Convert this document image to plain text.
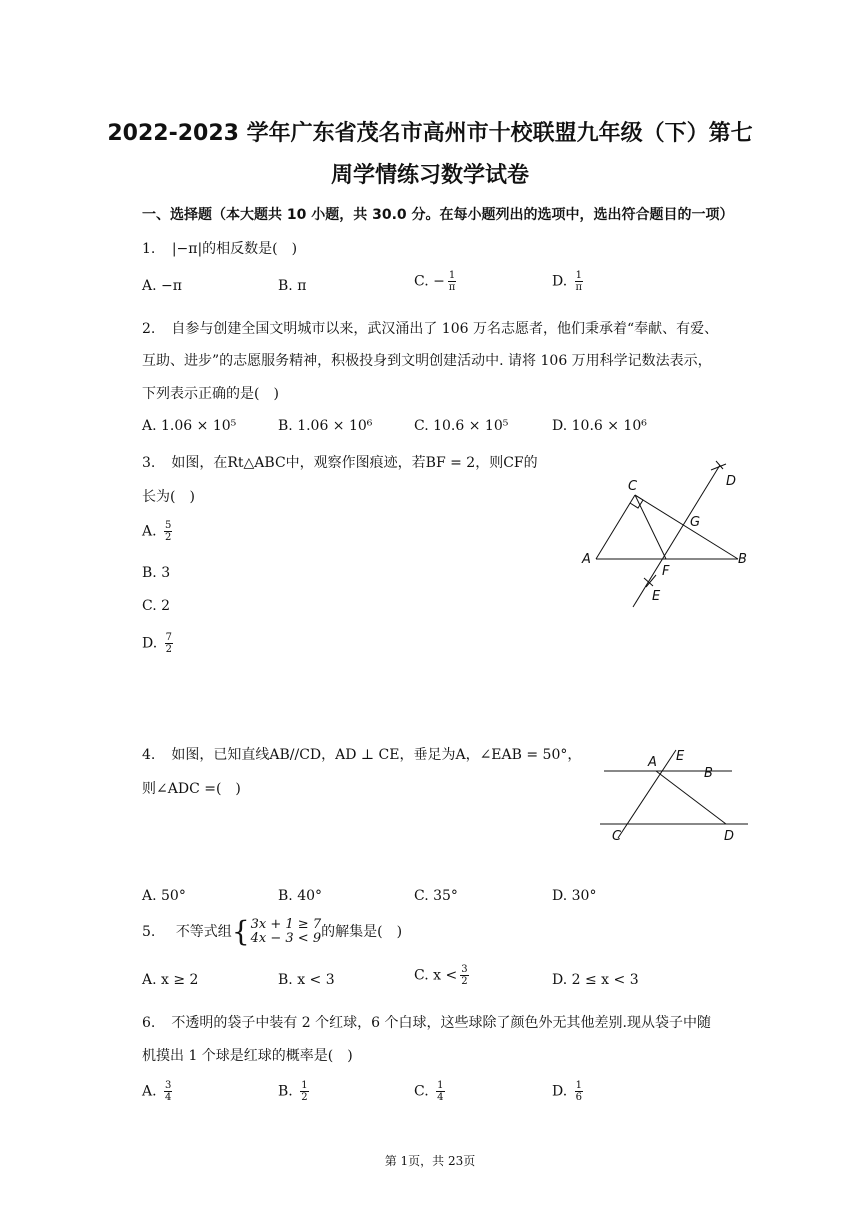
2022-2023 学年广东省茂名市高州市十校联盟九年级（下）第七
周学情练习数学试卷
一、选择题（本大题共 10 小题，共 30.0 分。在每小题列出的选项中，选出符合题目的一项）
1. |−π|的相反数是(　)
A. −π	B. π	C. − $\frac{1}{\pi}$	D. $\frac{1}{\pi}$
2. 自参与创建全国文明城市以来，武汉涌出了 106 万名志愿者，他们秉承着“奉献、有爱、
互助、进步”的志愿服务精神，积极投身到文明创建活动中. 请将 106 万用科学记数法表示，
下列表示正确的是(　)
A. 1.06 × 10⁵	B. 1.06 × 10⁶	C. 10.6 × 10⁵	D. 10.6 × 10⁶
3. 如图，在Rt△ABC中，观察作图痕迹，若BF = 2，则CF的
长为(　)
A. $\frac{5}{2}$
B. 3
C. 2
D. $\frac{7}{2}$
C
A	B
F
G
D
E
4. 如图，已知直线AB//CD，AD ⊥ CE，垂足为A，∠EAB = 50°，
则∠ADC =(　)
A E
B
C	D
A. 50°	B. 40°	C. 35°	D. 30°
5. 不等式组 { 3x + 1 ≥ 7
4x − 3 < 9 的解集是(　)
A. x ≥ 2	B. x < 3	C. $x < \frac{3}{2}$	D. 2 ≤ x < 3
6. 不透明的袋子中装有 2 个红球，6 个白球，这些球除了颜色外无其他差别.现从袋子中随
机摸出 1 个球是红球的概率是(　)
A. $\frac{3}{4}$	B. $\frac{1}{2}$	C. $\frac{1}{4}$	D. $\frac{1}{6}$
第 1页，共 23页
